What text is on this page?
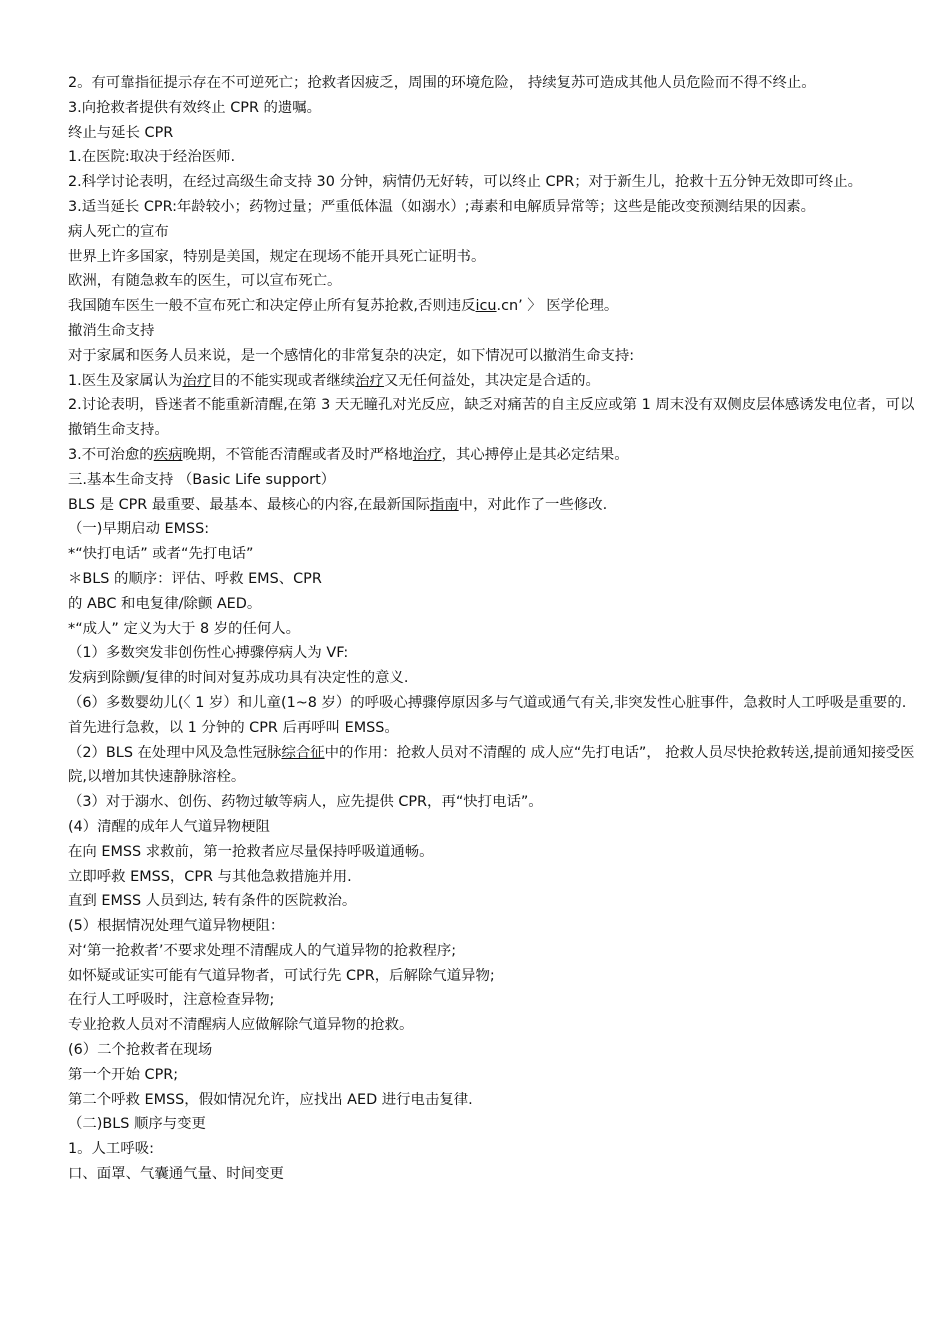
2。有可靠指征提示存在不可逆死亡；抢救者因疲乏，周围的环境危险， 持续复苏可造成其他人员危险而不得不终止。

3.向抢救者提供有效终止 CPR 的遗嘱。

终止与延长 CPR

1.在医院:取决于经治医师.

2.科学讨论表明，在经过高级生命支持 30 分钟，病情仍无好转，可以终止 CPR；对于新生儿，抢救十五分钟无效即可终止。

3.适当延长 CPR:年龄较小；药物过量；严重低体温（如溺水）;毒素和电解质异常等；这些是能改变预测结果的因素。

病人死亡的宣布

世界上许多国家，特别是美国，规定在现场不能开具死亡证明书。

欧洲，有随急救车的医生，可以宣布死亡。

我国随车医生一般不宣布死亡和决定停止所有复苏抢救,否则违反icu.cn’ 〉 医学伦理。

撤消生命支持

对于家属和医务人员来说，是一个感情化的非常复杂的决定，如下情况可以撤消生命支持:

1.医生及家属认为治疗目的不能实现或者继续治疗又无任何益处，其决定是合适的。

2.讨论表明，昏迷者不能重新清醒,在第 3 天无瞳孔对光反应，缺乏对痛苦的自主反应或第 1 周末没有双侧皮层体感诱发电位者，可以撤销生命支持。

3.不可治愈的疾病晚期，不管能否清醒或者及时严格地治疗，其心搏停止是其必定结果。

三.基本生命支持 （Basic Life support）

BLS 是 CPR 最重要、最基本、最核心的内容,在最新国际指南中，对此作了一些修改.

（一)早期启动 EMSS:

*“快打电话” 或者“先打电话”

＊BLS 的顺序：评估、呼救 EMS、CPR

的 ABC 和电复律/除颤 AED。

*“成人” 定义为大于 8 岁的任何人。

（1）多数突发非创伤性心搏骤停病人为 VF:

发病到除颤/复律的时间对复苏成功具有决定性的意义.

（6）多数婴幼儿(〈 1 岁）和儿童(1~8 岁）的呼吸心搏骤停原因多与气道或通气有关,非突发性心脏事件，急救时人工呼吸是重要的.

首先进行急救，以 1 分钟的 CPR 后再呼叫 EMSS。

（2）BLS 在处理中风及急性冠脉综合征中的作用：抢救人员对不清醒的 成人应“先打电话”， 抢救人员尽快抢救转送,提前通知接受医院,以增加其快速静脉溶栓。

（3）对于溺水、创伤、药物过敏等病人，应先提供 CPR，再“快打电话”。

(4）清醒的成年人气道异物梗阻

在向 EMSS 求救前，第一抢救者应尽量保持呼吸道通畅。

立即呼救 EMSS，CPR 与其他急救措施并用.

直到 EMSS 人员到达, 转有条件的医院救治。

(5）根据情况处理气道异物梗阻：

对‘第一抢救者’不要求处理不清醒成人的气道异物的抢救程序;

如怀疑或证实可能有气道异物者，可试行先 CPR，后解除气道异物;

在行人工呼吸时，注意检查异物;

专业抢救人员对不清醒病人应做解除气道异物的抢救。

(6）二个抢救者在现场

第一个开始 CPR;

第二个呼救 EMSS，假如情况允许，应找出 AED 进行电击复律.

（二)BLS 顺序与变更

1。人工呼吸:

口、面罩、气囊通气量、时间变更
